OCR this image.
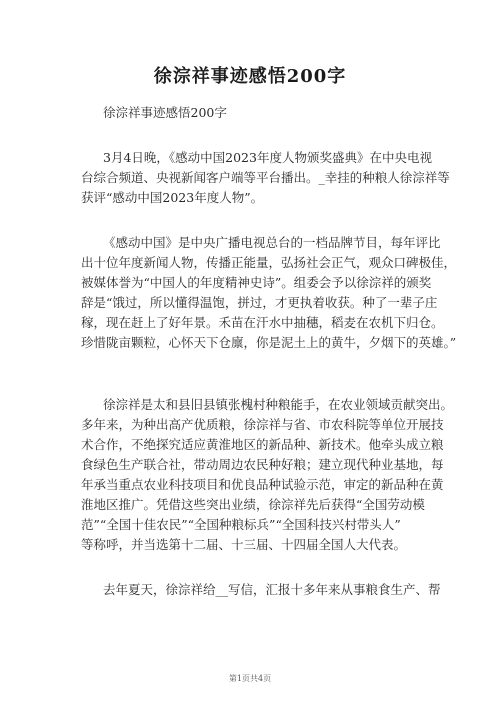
徐淙祥事迹感悟200字
徐淙祥事迹感悟200字
3月4日晚，《感动中国2023年度人物颁奖盛典》在中央电视
台综合频道、央视新闻客户端等平台播出。_幸挂的种粮人徐淙祥等
获评“感动中国2023年度人物”。
《感动中国》是中央广播电视总台的一档品牌节目，每年评比
出十位年度新闻人物，传播正能量，弘扬社会正气，观众口碑极佳，
被媒体誉为“中国人的年度精神史诗”。组委会予以徐淙祥的颁奖
辞是“饿过，所以懂得温饱，拼过，才更执着收获。种了一辈子庄
稼，现在赶上了好年景。禾苗在汗水中抽穗，稻麦在农机下归仓。
珍惜陇亩颗粒，心怀天下仓廪，你是泥土上的黄牛，夕烟下的英雄。”
徐淙祥是太和县旧县镇张槐村种粮能手，在农业领域贡献突出。
多年来，为种出高产优质粮，徐淙祥与省、市农科院等单位开展技
术合作，不绝探究适应黄淮地区的新品种、新技术。他牵头成立粮
食绿色生产联合社，带动周边农民种好粮；建立现代种业基地，每
年承当重点农业科技项目和优良品种试验示范，审定的新品种在黄
淮地区推广。凭借这些突出业绩，徐淙祥先后获得“全国劳动模
范”“全国十佳农民”“全国种粮标兵”“全国科技兴村带头人”
等称呼，并当选第十二届、十三届、十四届全国人大代表。
去年夏天，徐淙祥给__写信，汇报十多年来从事粮食生产、帮
第1页共4页
